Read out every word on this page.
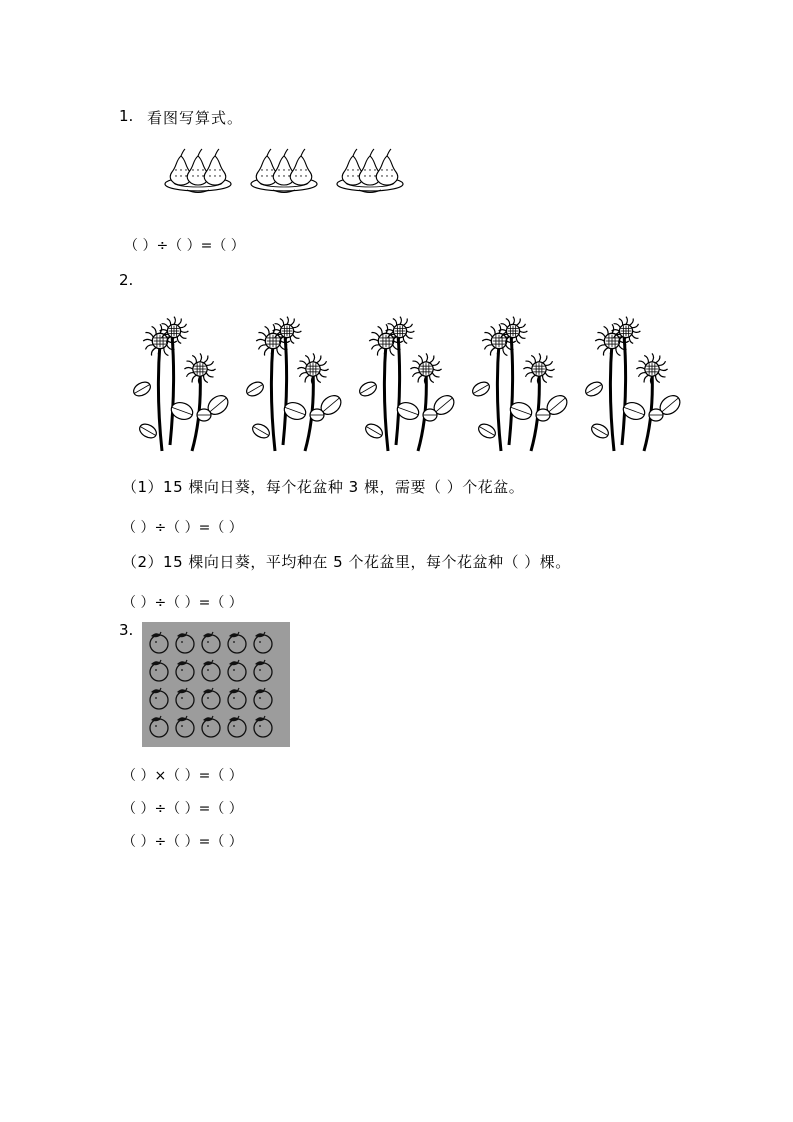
1. 看图写算式。
（ ）÷（ ）=（ ）
2.
（1）15 棵向日葵，每个花盆种 3 棵，需要（ ）个花盆。
（ ）÷（ ）=（ ）
（2）15 棵向日葵，平均种在 5 个花盆里，每个花盆种（ ）棵。
（ ）÷（ ）=（ ）
3.
（ ）×（ ）=（ ）
（ ）÷（ ）=（ ）
（ ）÷（ ）=（ ）
